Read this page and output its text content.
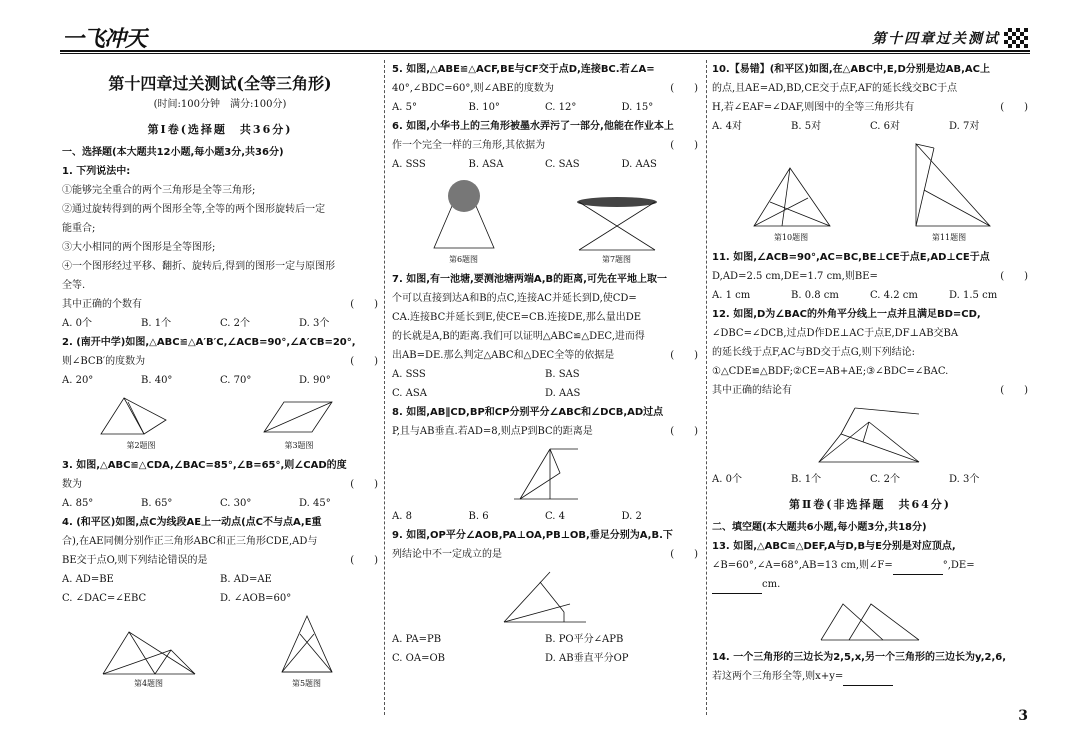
一飞冲天	第十四章过关测试
第十四章过关测试(全等三角形)
(时间:100分钟　满分:100分)
第Ⅰ卷(选择题　共36分)

一、选择题(本大题共12小题,每小题3分,共36分)

1. 下列说法中:

①能够完全重合的两个三角形是全等三角形;

②通过旋转得到的两个图形全等,全等的两个图形旋转后一定

能重合;

③大小相同的两个图形是全等图形;

④一个图形经过平移、翻折、旋转后,得到的图形一定与原图形

全等.

其中正确的个数有	(　　)

A. 0个	B. 1个	C. 2个	D. 3个

2. (南开中学)如图,△ABC≌△A′B′C,∠ACB=90°,∠A′CB=20°,

则∠BCB′的度数为	(　　)

A. 20°	B. 40°	C. 70°	D. 90°

第2题图	第3题图

3. 如图,△ABC≌△CDA,∠BAC=85°,∠B=65°,则∠CAD的度

数为	(　　)

A. 85°	B. 65°	C. 30°	D. 45°

4. (和平区)如图,点C为线段AE上一动点(点C不与点A,E重

合),在AE同侧分别作正三角形ABC和正三角形CDE,AD与

BE交于点O,则下列结论错误的是	(　　)

A. AD=BE	B. AD=AE

C. ∠DAC=∠EBC	D. ∠AOB=60°

第4题图	第5题图

5. 如图,△ABE≌△ACF,BE与CF交于点D,连接BC.若∠A=

40°,∠BDC=60°,则∠ABE的度数为	(　　)

A. 5°	B. 10°	C. 12°	D. 15°

6. 如图,小华书上的三角形被墨水弄污了一部分,他能在作业本上

作一个完全一样的三角形,其依据为	(　　)

A. SSS	B. ASA	C. SAS	D. AAS

第6题图	第7题图

7. 如图,有一池塘,要测池塘两端A,B的距离,可先在平地上取一

个可以直接到达A和B的点C,连接AC并延长到D,使CD=

CA.连接BC并延长到E,使CE=CB.连接DE,那么量出DE

的长就是A,B的距离.我们可以证明△ABC≌△DEC,进而得

出AB=DE.那么判定△ABC和△DEC全等的依据是	(　　)

A. SSS	B. SAS

C. ASA	D. AAS

8. 如图,AB∥CD,BP和CP分别平分∠ABC和∠DCB,AD过点

P,且与AB垂直.若AD=8,则点P到BC的距离是	(　　)

A. 8	B. 6	C. 4	D. 2

9. 如图,OP平分∠AOB,PA⊥OA,PB⊥OB,垂足分别为A,B.下

列结论中不一定成立的是	(　　)

A. PA=PB	B. PO平分∠APB

C. OA=OB	D. AB垂直平分OP

10.【易错】(和平区)如图,在△ABC中,E,D分别是边AB,AC上

的点,且AE=AD,BD,CE交于点F,AF的延长线交BC于点

H,若∠EAF=∠DAF,则图中的全等三角形共有	(　　)

A. 4对	B. 5对	C. 6对	D. 7对

第10题图	第11题图

11. 如图,∠ACB=90°,AC=BC,BE⊥CE于点E,AD⊥CE于点

D,AD=2.5 cm,DE=1.7 cm,则BE=	(　　)

A. 1 cm	B. 0.8 cm	C. 4.2 cm	D. 1.5 cm

12. 如图,D为∠BAC的外角平分线上一点并且满足BD=CD,

∠DBC=∠DCB,过点D作DE⊥AC于点E,DF⊥AB交BA

的延长线于点F,AC与BD交于点G,则下列结论:

①△CDE≌△BDF;②CE=AB+AE;③∠BDC=∠BAC.

其中正确的结论有	(　　)

A. 0个	B. 1个	C. 2个	D. 3个

第Ⅱ卷(非选择题　共64分)

二、填空题(本大题共6小题,每小题3分,共18分)

13. 如图,△ABC≌△DEF,A与D,B与E分别是对应顶点,

∠B=60°,∠A=68°,AB=13 cm,则∠F=	°,DE=

cm.

14. 一个三角形的三边长为2,5,x,另一个三角形的三边长为y,2,6,

若这两个三角形全等,则x+y=

3
